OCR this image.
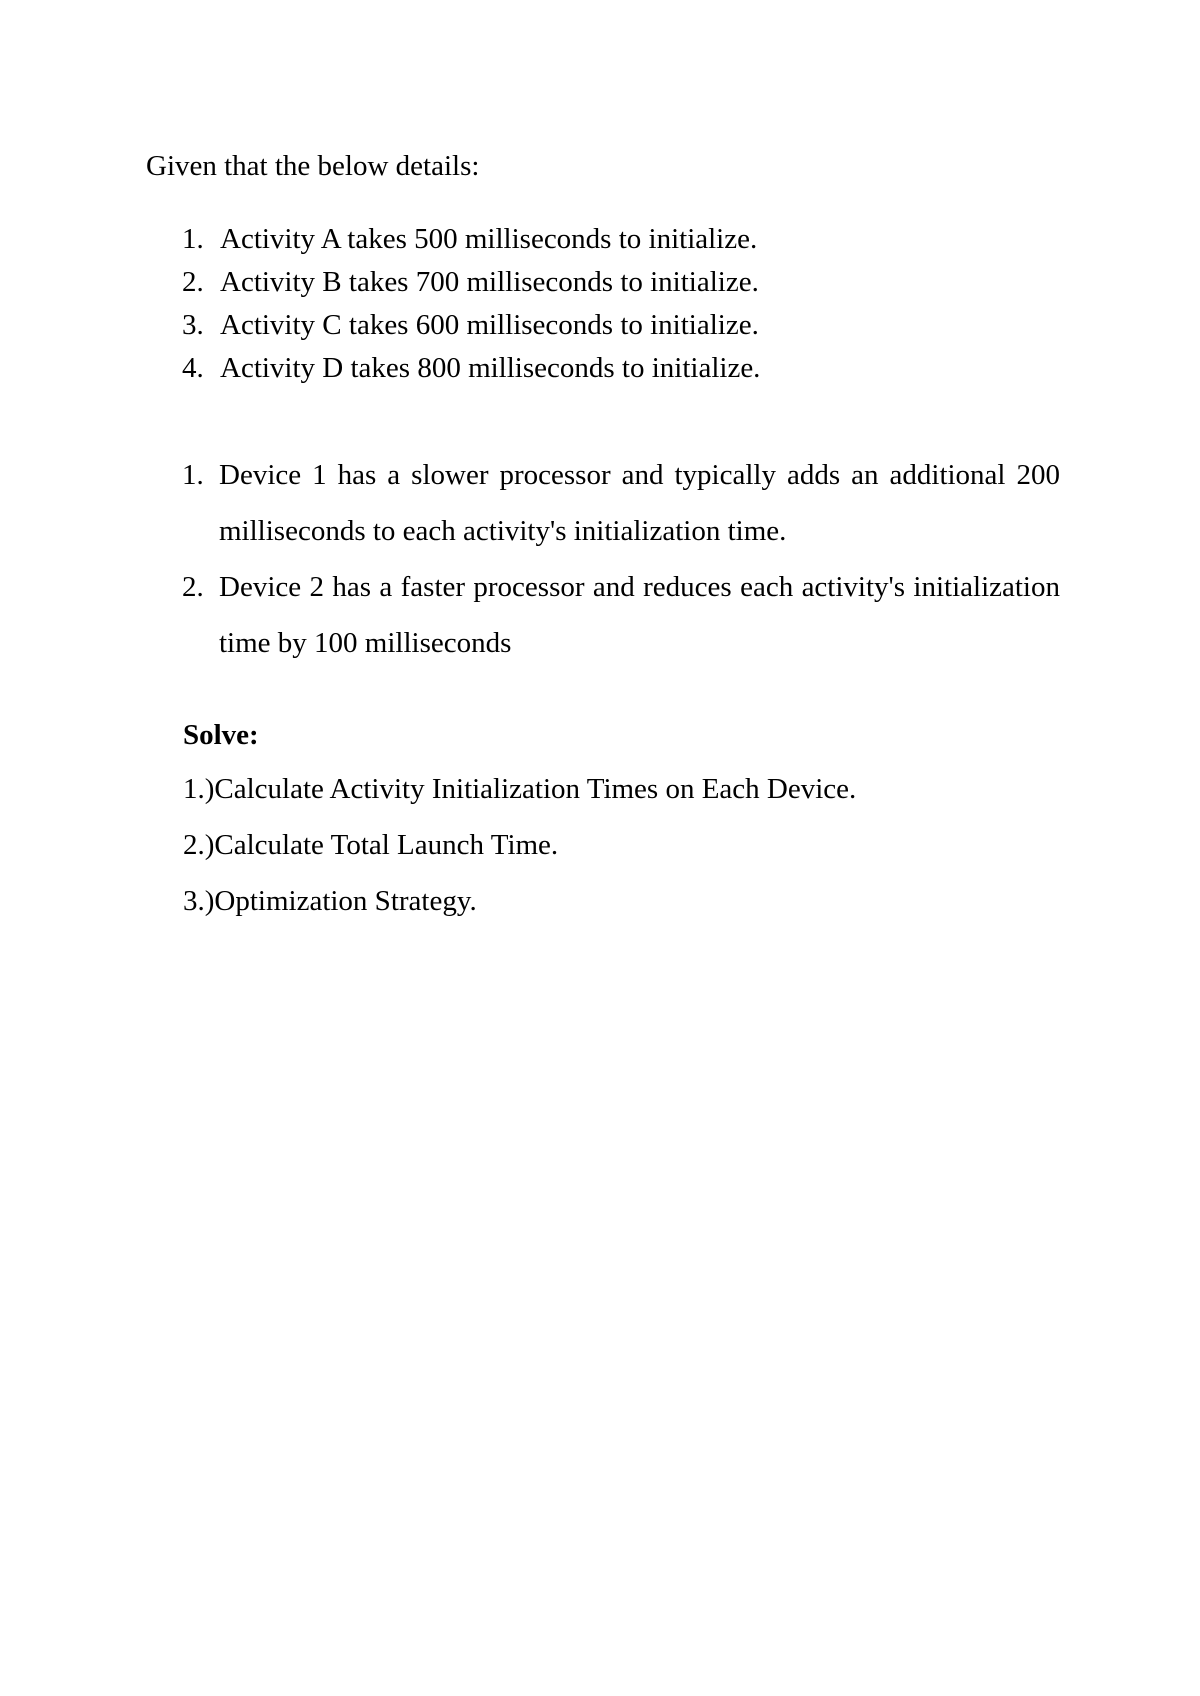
Given that the below details:

1. Activity A takes 500 milliseconds to initialize.
2. Activity B takes 700 milliseconds to initialize.
3. Activity C takes 600 milliseconds to initialize.
4. Activity D takes 800 milliseconds to initialize.
1. Device 1 has a slower processor and typically adds an additional 200 milliseconds to each activity's initialization time.
2. Device 2 has a faster processor and reduces each activity's initialization time by 100 milliseconds

Solve:

1.)Calculate Activity Initialization Times on Each Device.
2.)Calculate Total Launch Time.
3.)Optimization Strategy.
